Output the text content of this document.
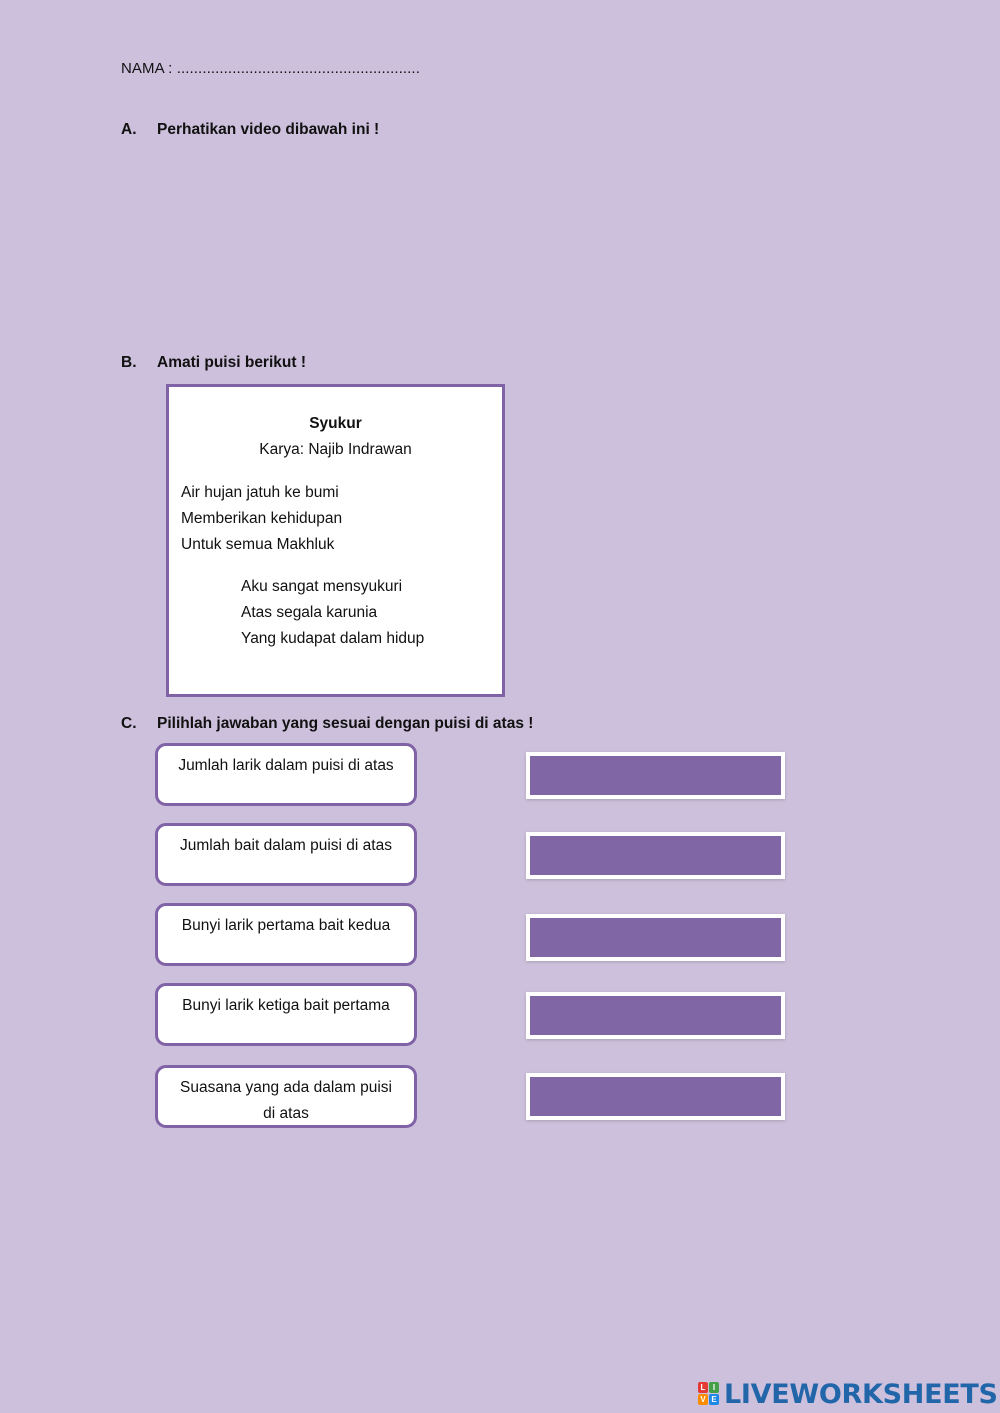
NAMA : .........................................................
A. Perhatikan video dibawah ini !
B. Amati puisi berikut !
Syukur
Karya: Najib Indrawan
Air hujan jatuh ke bumi
Memberikan kehidupan
Untuk semua Makhluk
Aku sangat mensyukuri
Atas segala karunia
Yang kudapat dalam hidup
C. Pilihlah jawaban yang sesuai dengan puisi di atas !
Jumlah larik dalam puisi di atas
Jumlah bait dalam puisi di atas
Bunyi larik pertama bait kedua
Bunyi larik ketiga bait pertama
Suasana yang ada dalam puisi di atas
L I
V E LIVEWORKSHEETS
